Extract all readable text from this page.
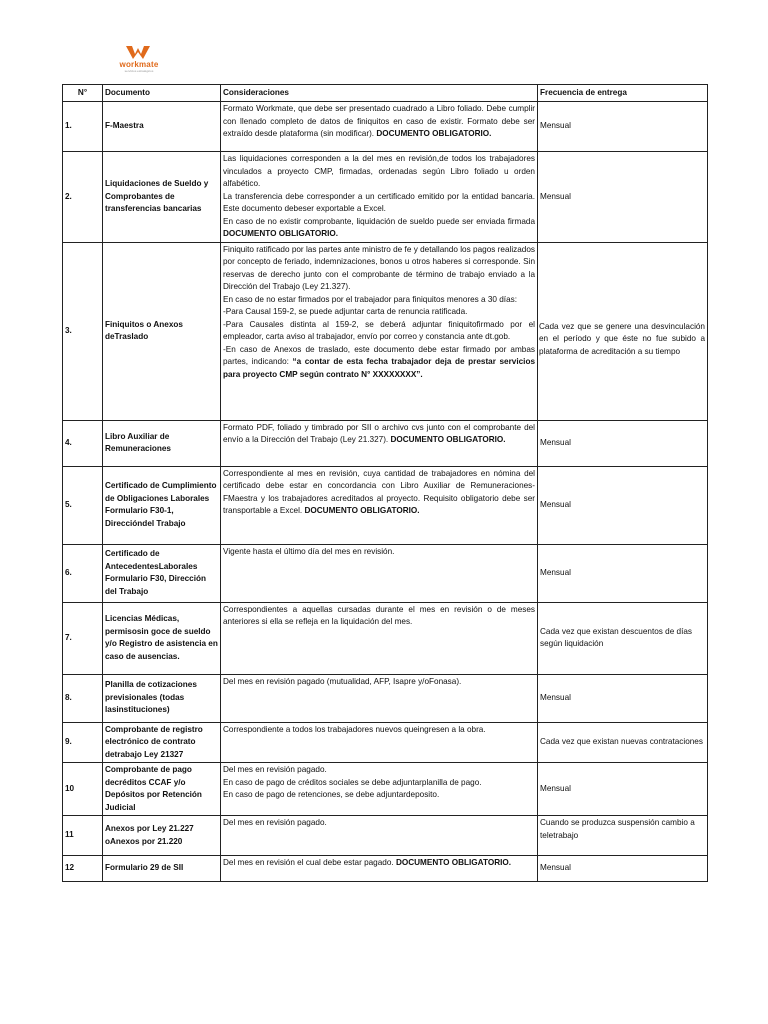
workmate
servicios estratégicos
N°	Documento	Consideraciones	Frecuencia de entrega
1.	F-Maestra	Formato Workmate, que debe ser presentado cuadrado a Libro foliado. Debe cumplir con llenado completo de datos de finiquitos en caso de existir. Formato debe ser extraído desde plataforma (sin modificar). DOCUMENTO OBLIGATORIO.	Mensual
2.	Liquidaciones de Sueldo y Comprobantes de transferencias bancarias	Las liquidaciones corresponden a la del mes en revisión,de todos los trabajadores vinculados a proyecto CMP, firmadas, ordenadas según Libro foliado u orden alfabético.
La transferencia debe corresponder a un certificado emitido por la entidad bancaria. Este documento debeser exportable a Excel.
En caso de no existir comprobante, liquidación de sueldo puede ser enviada firmada DOCUMENTO OBLIGATORIO.	Mensual
3.	Finiquitos o Anexos deTraslado	Finiquito ratificado por las partes ante ministro de fe y detallando los pagos realizados por concepto de feriado, indemnizaciones, bonos u otros haberes si corresponde. Sin reservas de derecho junto con el comprobante de término de trabajo enviado a la Dirección del Trabajo (Ley 21.327).
En caso de no estar firmados por el trabajador para finiquitos menores a 30 días:
-Para Causal 159-2, se puede adjuntar carta de renuncia ratificada.
-Para Causales distinta al 159-2, se deberá adjuntar finiquitofirmado por el empleador, carta aviso al trabajador, envío por correo y constancia ante dt.gob.
-En caso de Anexos de traslado, este documento debe estar firmado por ambas partes, indicando: “a contar de esta fecha trabajador deja de prestar servicios para proyecto CMP según contrato N° XXXXXXXX”.	Cada vez que se genere una desvinculación en el período y que éste no fue subido a plataforma de acreditación a su tiempo
4.	Libro Auxiliar de Remuneraciones	Formato PDF, foliado y timbrado por SII o archivo cvs junto con el comprobante del envío a la Dirección del Trabajo (Ley 21.327). DOCUMENTO OBLIGATORIO.	Mensual
5.	Certificado de Cumplimiento de Obligaciones Laborales Formulario F30-1, Direccióndel Trabajo	Correspondiente al mes en revisión, cuya cantidad de trabajadores en nómina del certificado debe estar en concordancia con Libro Auxiliar de Remuneraciones- FMaestra y los trabajadores acreditados al proyecto. Requisito obligatorio debe ser transportable a Excel. DOCUMENTO OBLIGATORIO.	Mensual
6.	Certificado de AntecedentesLaborales Formulario F30, Dirección del Trabajo	Vigente hasta el último día del mes en revisión.	Mensual
7.	Licencias Médicas, permisosin goce de sueldo y/o Registro de asistencia en caso de ausencias.	Correspondientes a aquellas cursadas durante el mes en revisión o de meses anteriores si ella se refleja en la liquidación del mes.	Cada vez que existan descuentos de días según liquidación
8.	Planilla de cotizaciones previsionales (todas lasinstituciones)	Del mes en revisión pagado (mutualidad, AFP, Isapre y/oFonasa).	Mensual
9.	Comprobante de registro electrónico de contrato detrabajo Ley 21327	Correspondiente a todos los trabajadores nuevos queingresen a la obra.	Cada vez que existan nuevas contrataciones
10	Comprobante de pago decréditos CCAF y/o Depósitos por Retención Judicial	Del mes en revisión pagado.
En caso de pago de créditos sociales se debe adjuntarplanilla de pago.
En caso de pago de retenciones, se debe adjuntardeposito.	Mensual
11	Anexos por Ley 21.227 oAnexos por 21.220	Del mes en revisión pagado.	Cuando se produzca suspensión cambio a teletrabajo
12	Formulario 29 de SII	Del mes en revisión el cual debe estar pagado. DOCUMENTO OBLIGATORIO.	Mensual
